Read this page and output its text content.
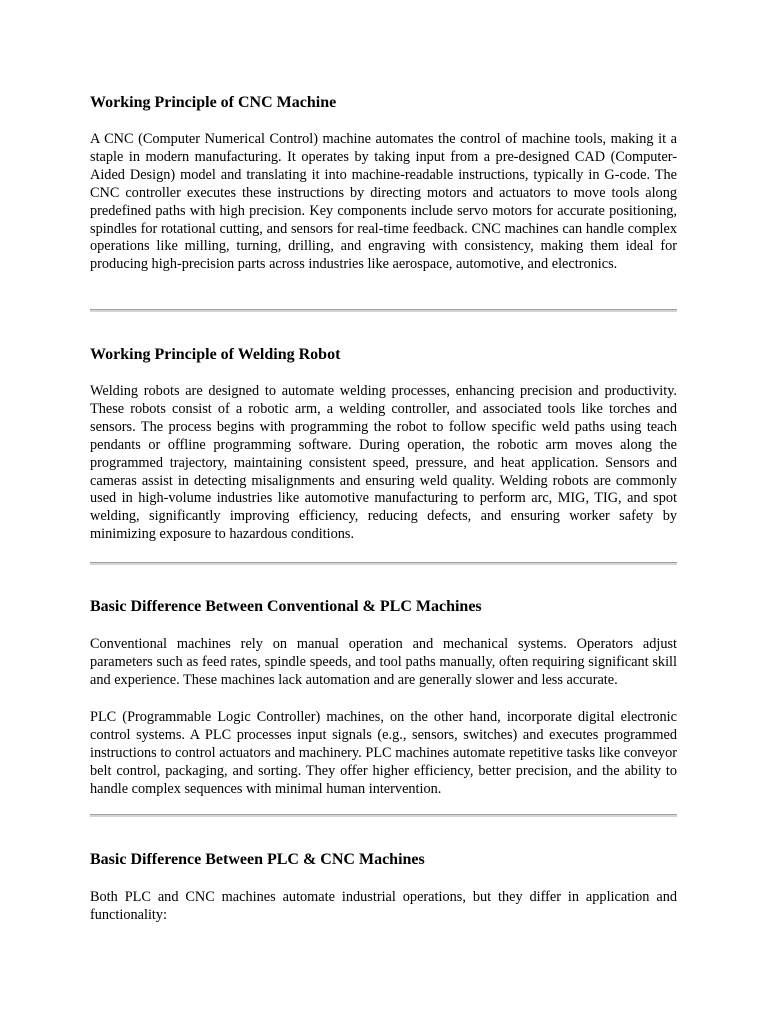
Working Principle of CNC Machine

A CNC (Computer Numerical Control) machine automates the control of machine tools, making it a staple in modern manufacturing. It operates by taking input from a pre-designed CAD (Computer-Aided Design) model and translating it into machine-readable instructions, typically in G-code. The CNC controller executes these instructions by directing motors and actuators to move tools along predefined paths with high precision. Key components include servo motors for accurate positioning, spindles for rotational cutting, and sensors for real-time feedback. CNC machines can handle complex operations like milling, turning, drilling, and engraving with consistency, making them ideal for producing high-precision parts across industries like aerospace, automotive, and electronics.

Working Principle of Welding Robot

Welding robots are designed to automate welding processes, enhancing precision and productivity. These robots consist of a robotic arm, a welding controller, and associated tools like torches and sensors. The process begins with programming the robot to follow specific weld paths using teach pendants or offline programming software. During operation, the robotic arm moves along the programmed trajectory, maintaining consistent speed, pressure, and heat application. Sensors and cameras assist in detecting misalignments and ensuring weld quality. Welding robots are commonly used in high-volume industries like automotive manufacturing to perform arc, MIG, TIG, and spot welding, significantly improving efficiency, reducing defects, and ensuring worker safety by minimizing exposure to hazardous conditions.

Basic Difference Between Conventional & PLC Machines

Conventional machines rely on manual operation and mechanical systems. Operators adjust parameters such as feed rates, spindle speeds, and tool paths manually, often requiring significant skill and experience. These machines lack automation and are generally slower and less accurate.

PLC (Programmable Logic Controller) machines, on the other hand, incorporate digital electronic control systems. A PLC processes input signals (e.g., sensors, switches) and executes programmed instructions to control actuators and machinery. PLC machines automate repetitive tasks like conveyor belt control, packaging, and sorting. They offer higher efficiency, better precision, and the ability to handle complex sequences with minimal human intervention.

Basic Difference Between PLC & CNC Machines

Both PLC and CNC machines automate industrial operations, but they differ in application and functionality:
